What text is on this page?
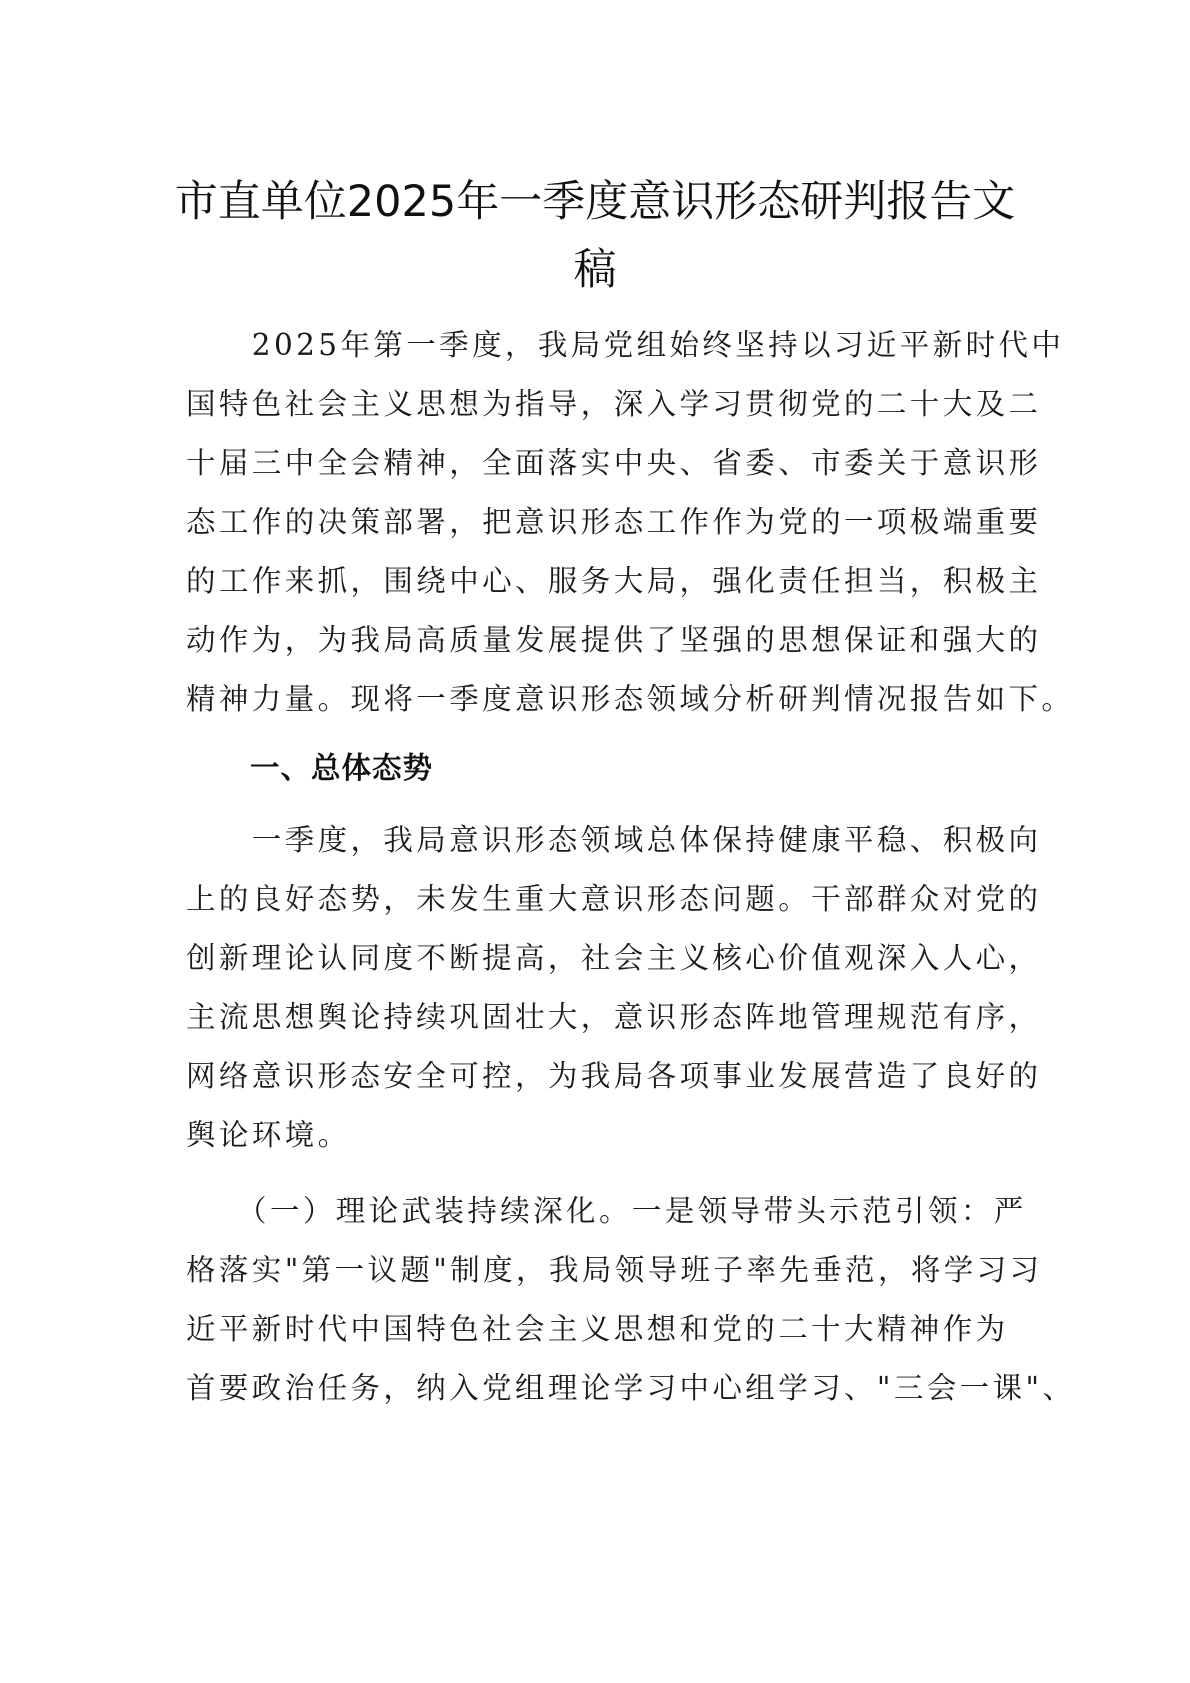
市直单位2025年一季度意识形态研判报告文
稿
　　2025年第一季度，我局党组始终坚持以习近平新时代中
国特色社会主义思想为指导，深入学习贯彻党的二十大及二
十届三中全会精神，全面落实中央、省委、市委关于意识形
态工作的决策部署，把意识形态工作作为党的一项极端重要
的工作来抓，围绕中心、服务大局，强化责任担当，积极主
动作为，为我局高质量发展提供了坚强的思想保证和强大的
精神力量。现将一季度意识形态领域分析研判情况报告如下。
一、总体态势
　　一季度，我局意识形态领域总体保持健康平稳、积极向
上的良好态势，未发生重大意识形态问题。干部群众对党的
创新理论认同度不断提高，社会主义核心价值观深入人心，
主流思想舆论持续巩固壮大，意识形态阵地管理规范有序，
网络意识形态安全可控，为我局各项事业发展营造了良好的
舆论环境。
　　（一）理论武装持续深化。一是领导带头示范引领：严
格落实"第一议题"制度，我局领导班子率先垂范，将学习习
近平新时代中国特色社会主义思想和党的二十大精神作为
首要政治任务，纳入党组理论学习中心组学习、"三会一课"、
